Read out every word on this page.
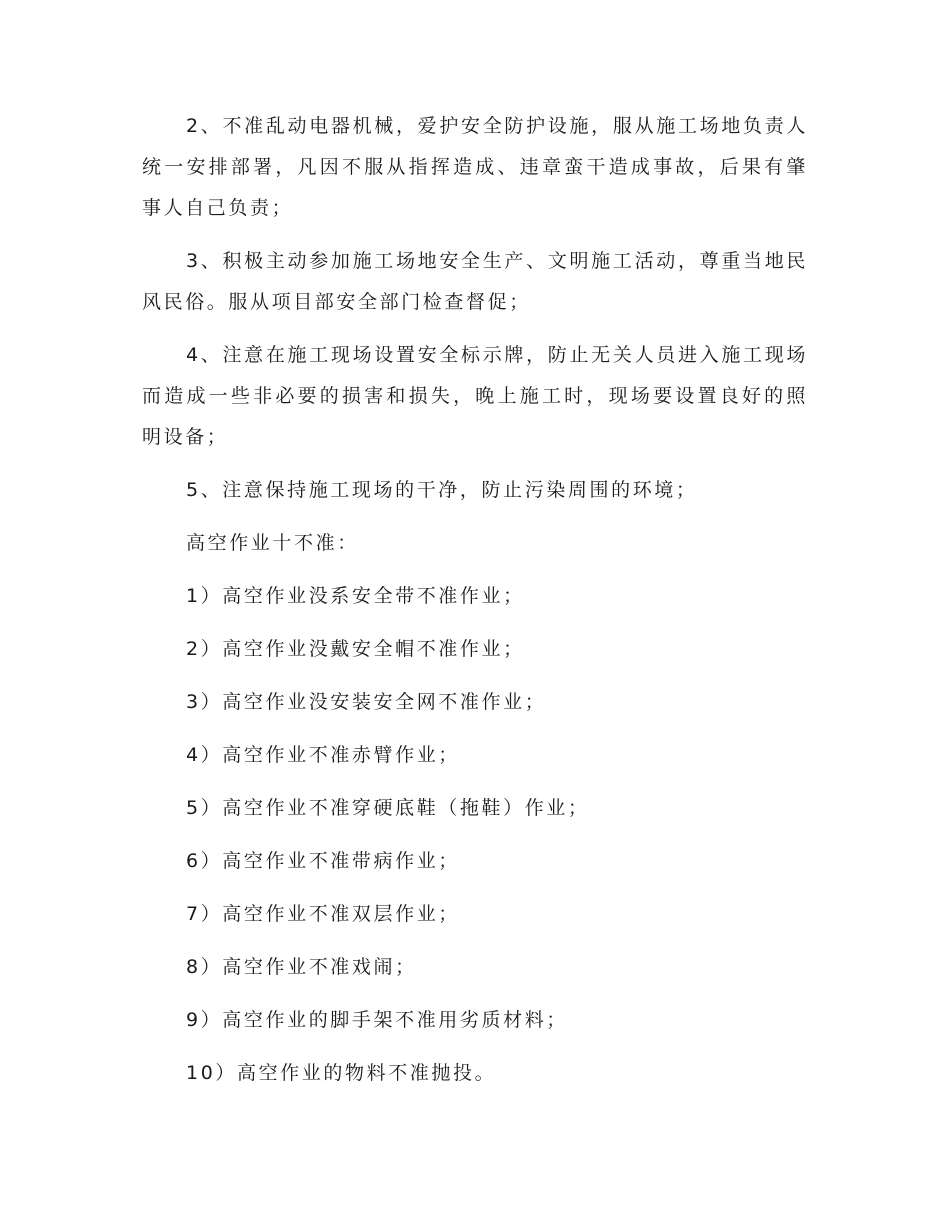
2、不准乱动电器机械，爱护安全防护设施，服从施工场地负责人统一安排部署，凡因不服从指挥造成、违章蛮干造成事故，后果有肇事人自己负责；

3、积极主动参加施工场地安全生产、文明施工活动，尊重当地民风民俗。服从项目部安全部门检查督促；

4、注意在施工现场设置安全标示牌，防止无关人员进入施工现场而造成一些非必要的损害和损失，晚上施工时，现场要设置良好的照明设备；

5、注意保持施工现场的干净，防止污染周围的环境；

高空作业十不准：

1）高空作业没系安全带不准作业；

2）高空作业没戴安全帽不准作业；

3）高空作业没安装安全网不准作业；

4）高空作业不准赤臂作业；

5）高空作业不准穿硬底鞋（拖鞋）作业；

6）高空作业不准带病作业；

7）高空作业不准双层作业；

8）高空作业不准戏闹；

9）高空作业的脚手架不准用劣质材料；

10）高空作业的物料不准抛投。
